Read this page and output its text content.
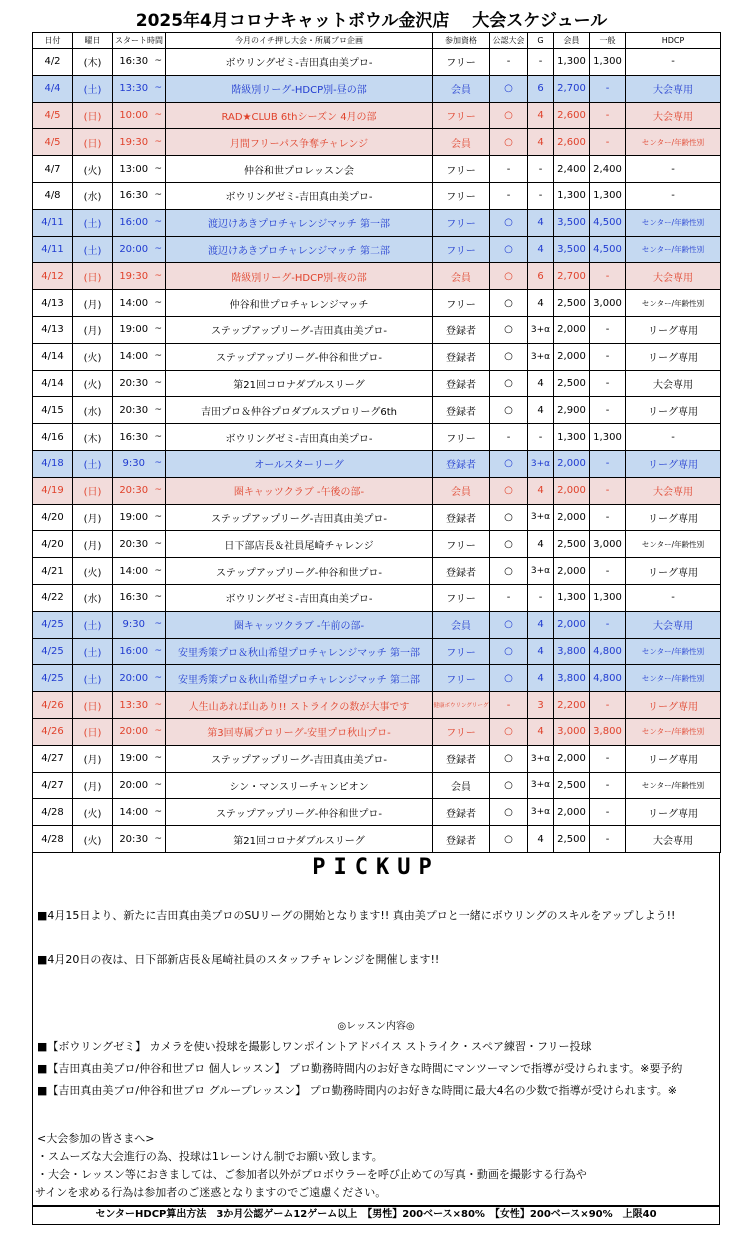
2025年4月コロナキャットボウル金沢店　 大会スケジュール
日付	曜日	スタート時間	今月のイチ押し大会・所属プロ企画	参加資格	公認大会	G	会員	一般	HDCP
4/2	(木)	16:30 ~	ボウリングゼミ-吉田真由美プロ-	フリー	-	-	1,300	1,300	-
4/4	(土)	13:30 ~	階級別リーグ-HDCP別-昼の部	会員	○	6	2,700	-	大会専用
4/5	(日)	10:00 ~	RAD★CLUB 6thシーズン 4月の部	フリー	○	4	2,600	-	大会専用
4/5	(日)	19:30 ~	月間フリーパス争奪チャレンジ	会員	○	4	2,600	-	センター/年齢性別
4/7	(火)	13:00 ~	仲谷和世プロレッスン会	フリー	-	-	2,400	2,400	-
4/8	(水)	16:30 ~	ボウリングゼミ-吉田真由美プロ-	フリー	-	-	1,300	1,300	-
4/11	(土)	16:00 ~	渡辺けあきプロチャレンジマッチ 第一部	フリー	○	4	3,500	4,500	センター/年齢性別
4/11	(土)	20:00 ~	渡辺けあきプロチャレンジマッチ 第二部	フリー	○	4	3,500	4,500	センター/年齢性別
4/12	(日)	19:30 ~	階級別リーグ-HDCP別-夜の部	会員	○	6	2,700	-	大会専用
4/13	(月)	14:00 ~	仲谷和世プロチャレンジマッチ	フリー	○	4	2,500	3,000	センター/年齢性別
4/13	(月)	19:00 ~	ステップアップリーグ-吉田真由美プロ-	登録者	○	3+α	2,000	-	リーグ専用
4/14	(火)	14:00 ~	ステップアップリーグ-仲谷和世プロ-	登録者	○	3+α	2,000	-	リーグ専用
4/14	(火)	20:30 ~	第21回コロナダブルスリーグ	登録者	○	4	2,500	-	大会専用
4/15	(水)	20:30 ~	吉田プロ＆仲谷プロダブルスプロリーグ6th	登録者	○	4	2,900	-	リーグ専用
4/16	(木)	16:30 ~	ボウリングゼミ-吉田真由美プロ-	フリー	-	-	1,300	1,300	-
4/18	(土)	9:30 ~	オールスターリーグ	登録者	○	3+α	2,000	-	リーグ専用
4/19	(日)	20:30 ~	圏キャッツクラブ -午後の部-	会員	○	4	2,000	-	大会専用
4/20	(月)	19:00 ~	ステップアップリーグ-吉田真由美プロ-	登録者	○	3+α	2,000	-	リーグ専用
4/20	(月)	20:30 ~	日下部店長＆社員尾崎チャレンジ	フリー	○	4	2,500	3,000	センター/年齢性別
4/21	(火)	14:00 ~	ステップアップリーグ-仲谷和世プロ-	登録者	○	3+α	2,000	-	リーグ専用
4/22	(水)	16:30 ~	ボウリングゼミ-吉田真由美プロ-	フリー	-	-	1,300	1,300	-
4/25	(土)	9:30 ~	圏キャッツクラブ -午前の部-	会員	○	4	2,000	-	大会専用
4/25	(土)	16:00 ~	安里秀策プロ＆秋山希望プロチャレンジマッチ 第一部	フリー	○	4	3,800	4,800	センター/年齢性別
4/25	(土)	20:00 ~	安里秀策プロ＆秋山希望プロチャレンジマッチ 第二部	フリー	○	4	3,800	4,800	センター/年齢性別
4/26	(日)	13:30 ~	人生山あれば山あり!! ストライクの数が大事です	健康ボウリングリーグ	-	3	2,200	-	リーグ専用
4/26	(日)	20:00 ~	第3回専属プロリーグ-安里プロ秋山プロ-	フリー	○	4	3,000	3,800	センター/年齢性別
4/27	(月)	19:00 ~	ステップアップリーグ-吉田真由美プロ-	登録者	○	3+α	2,000	-	リーグ専用
4/27	(月)	20:00 ~	シン・マンスリーチャンピオン	会員	○	3+α	2,500	-	センター/年齢性別
4/28	(火)	14:00 ~	ステップアップリーグ-仲谷和世プロ-	登録者	○	3+α	2,000	-	リーグ専用
4/28	(火)	20:30 ~	第21回コロナダブルスリーグ	登録者	○	4	2,500	-	大会専用
PICKUP
■4月15日より、新たに吉田真由美プロのSUリーグの開始となります!! 真由美プロと一緒にボウリングのスキルをアップしよう!!
■4月20日の夜は、日下部新店長＆尾崎社員のスタッフチャレンジを開催します!!
◎レッスン内容◎
■【ボウリングゼミ】 カメラを使い投球を撮影しワンポイントアドバイス ストライク・スペア練習・フリー投球
■【吉田真由美プロ/仲谷和世プロ 個人レッスン】 プロ勤務時間内のお好きな時間にマンツーマンで指導が受けられます。※要予約
■【吉田真由美プロ/仲谷和世プロ グループレッスン】 プロ勤務時間内のお好きな時間に最大4名の少数で指導が受けられます。※
<大会参加の皆さまへ>
・スムーズな大会進行の為、投球は1レーンけん制でお願い致します。
・大会・レッスン等におきましては、ご参加者以外がプロボウラーを呼び止めての写真・動画を撮影する行為や
サインを求める行為は参加者のご迷惑となりますのでご遠慮ください。
センターHDCP算出方法　3か月公認ゲーム12ゲーム以上　【男性】200ベース×80%　【女性】200ベース×90%　上限40
